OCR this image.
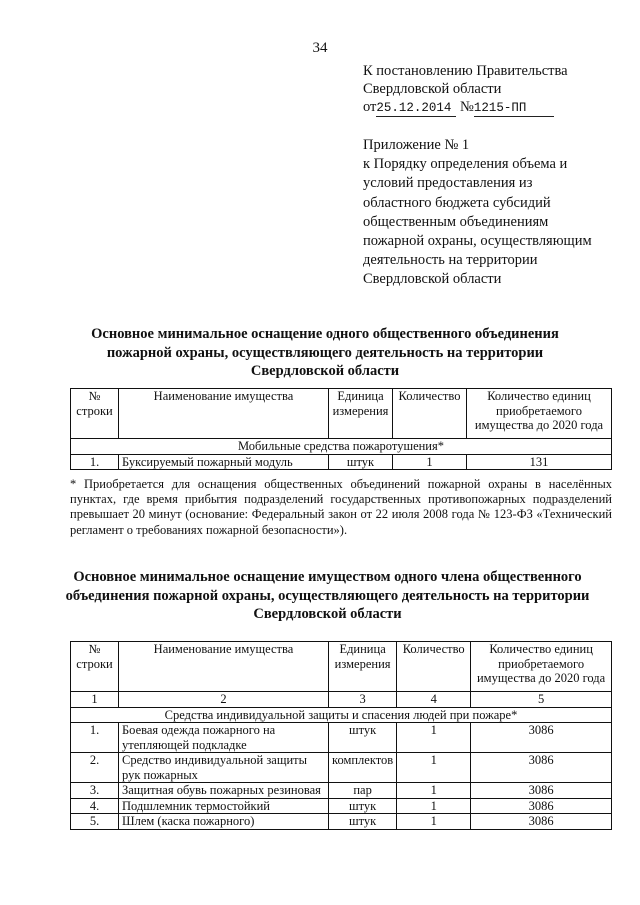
34
К постановлению Правительства
Свердловской области
от25.12.2014 №1215-ПП
Приложение № 1
к Порядку определения объема и
условий предоставления из
областного бюджета субсидий
общественным объединениям
пожарной охраны, осуществляющим
деятельность на территории
Свердловской области
Основное минимальное оснащение одного общественного объединения пожарной охраны, осуществляющего деятельность на территории Свердловской области
№ строки	Наименование имущества	Единица измерения	Количество	Количество единиц приобретаемого имущества до 2020 года
Мобильные средства пожаротушения*				
1.	Буксируемый пожарный модуль	штук	1	131
* Приобретается для оснащения общественных объединений пожарной охраны в населённых пунктах, где время прибытия подразделений государственных противопожарных подразделений превышает 20 минут (основание: Федеральный закон от 22 июля 2008 года № 123-ФЗ «Технический регламент о требованиях пожарной безопасности»).
Основное минимальное оснащение имуществом одного члена общественного объединения пожарной охраны, осуществляющего деятельность на территории Свердловской области
№ строки	Наименование имущества	Единица измерения	Количество	Количество единиц приобретаемого имущества до 2020 года
1	2	3	4	5
Средства индивидуальной защиты и спасения людей при пожаре*				
1.	Боевая одежда пожарного на утепляющей подкладке	штук	1	3086
2.	Средство индивидуальной защиты рук пожарных	комплектов	1	3086
3.	Защитная обувь пожарных резиновая	пар	1	3086
4.	Подшлемник термостойкий	штук	1	3086
5.	Шлем (каска пожарного)	штук	1	3086
